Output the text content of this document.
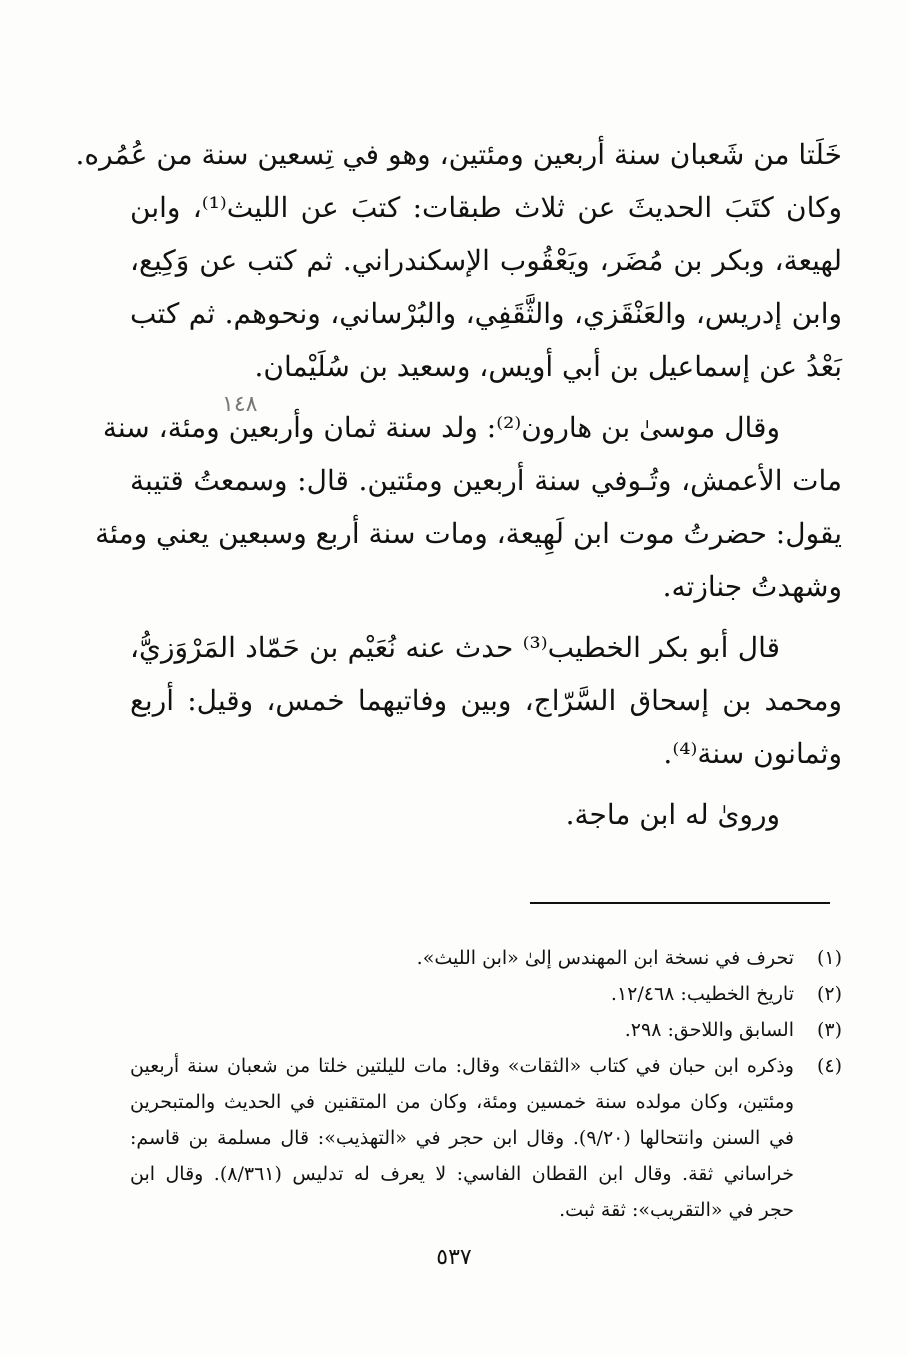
١٤٨
خَلَتا من شَعبان سنة أربعين ومئتين، وهو في تِسعين سنة من عُمُره.
وكان كتَبَ الحديثَ عن ثلاث طبقات: كتبَ عن الليث⁽¹⁾، وابن
لهيعة، وبكر بن مُضَر، ويَعْقُوب الإسكندراني. ثم كتب عن وَكِيع،
وابن إدريس، والعَنْقَزي، والثَّقَفِي، والبُرْساني، ونحوهم. ثم كتب
بَعْدُ عن إسماعيل بن أبي أويس، وسعيد بن سُلَيْمان.
وقال موسىٰ بن هارون⁽²⁾: ولد سنة ثمان وأربعين ومئة، سنة
مات الأعمش، وتُـوفي سنة أربعين ومئتين. قال: وسمعتُ قتيبة
يقول: حضرتُ موت ابن لَهِيعة، ومات سنة أربع وسبعين يعني ومئة
وشهدتُ جنازته.
قال أبو بكر الخطيب⁽³⁾ حدث عنه نُعَيْم بن حَمّاد المَرْوَزيُّ،
ومحمد بن إسحاق السَّرّاج، وبين وفاتيهما خمس، وقيل: أربع
وثمانون سنة⁽⁴⁾.
وروىٰ له ابن ماجة.
(١)
تحرف في نسخة ابن المهندس إلىٰ «ابن الليث».
(٢)
تاريخ الخطيب: ١٢/٤٦٨.
(٣)
السابق واللاحق: ٢٩٨.
(٤)
وذكره ابن حبان في كتاب «الثقات» وقال: مات لليلتين خلتا من شعبان سنة أربعين
ومئتين، وكان مولده سنة خمسين ومئة، وكان من المتقنين في الحديث والمتبحرين
في السنن وانتحالها (٩/٢٠). وقال ابن حجر في «التهذيب»: قال مسلمة بن قاسم:
خراساني ثقة. وقال ابن القطان الفاسي: لا يعرف له تدليس (٨/٣٦١). وقال ابن
حجر في «التقريب»: ثقة ثبت.
٥٣٧
